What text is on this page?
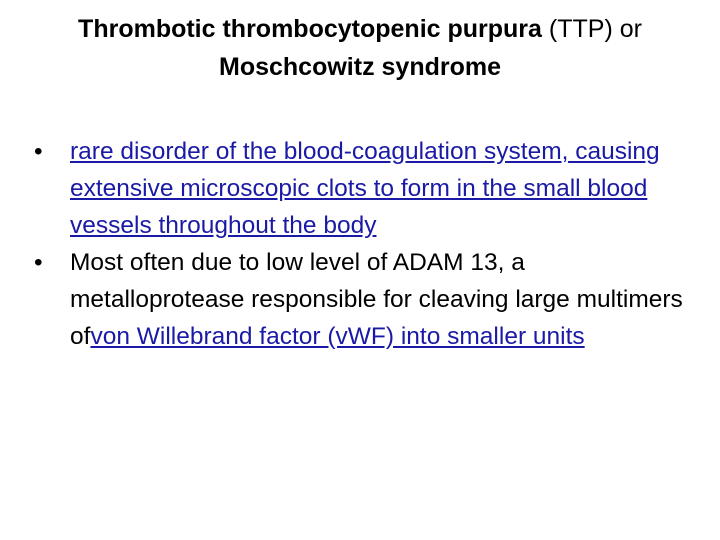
Thrombotic thrombocytopenic purpura (TTP) or
Moschcowitz syndrome

• rare disorder of the blood-coagulation system, causing extensive microscopic clots to form in the small blood vessels throughout the body

• Most often due to low level of ADAM 13, a metalloprotease responsible for cleaving large multimers ofvon Willebrand factor (vWF) into smaller units
